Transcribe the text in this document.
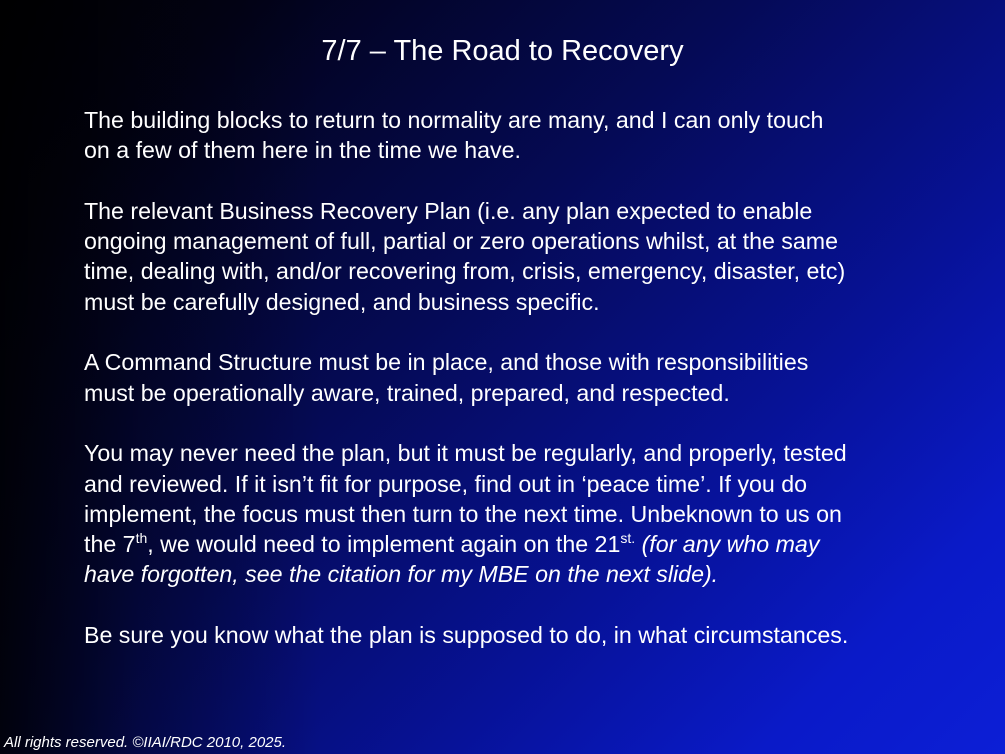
7/7 – The Road to Recovery

The building blocks to return to normality are many, and I can only touch
on a few of them here in the time we have.

The relevant Business Recovery Plan (i.e. any plan expected to enable
ongoing management of full, partial or zero operations whilst, at the same
time, dealing with, and/or recovering from, crisis, emergency, disaster, etc)
must be carefully designed, and business specific.

A Command Structure must be in place, and those with responsibilities
must be operationally aware, trained, prepared, and respected.

You may never need the plan, but it must be regularly, and properly, tested
and reviewed. If it isn’t fit for purpose, find out in ‘peace time’. If you do
implement, the focus must then turn to the next time. Unbeknown to us on
the 7th, we would need to implement again on the $21^{st.}$ (for any who may
have forgotten, see the citation for my MBE on the next slide).

Be sure you know what the plan is supposed to do, in what circumstances.

All rights reserved. ©IIAI/RDC 2010, 2025.
